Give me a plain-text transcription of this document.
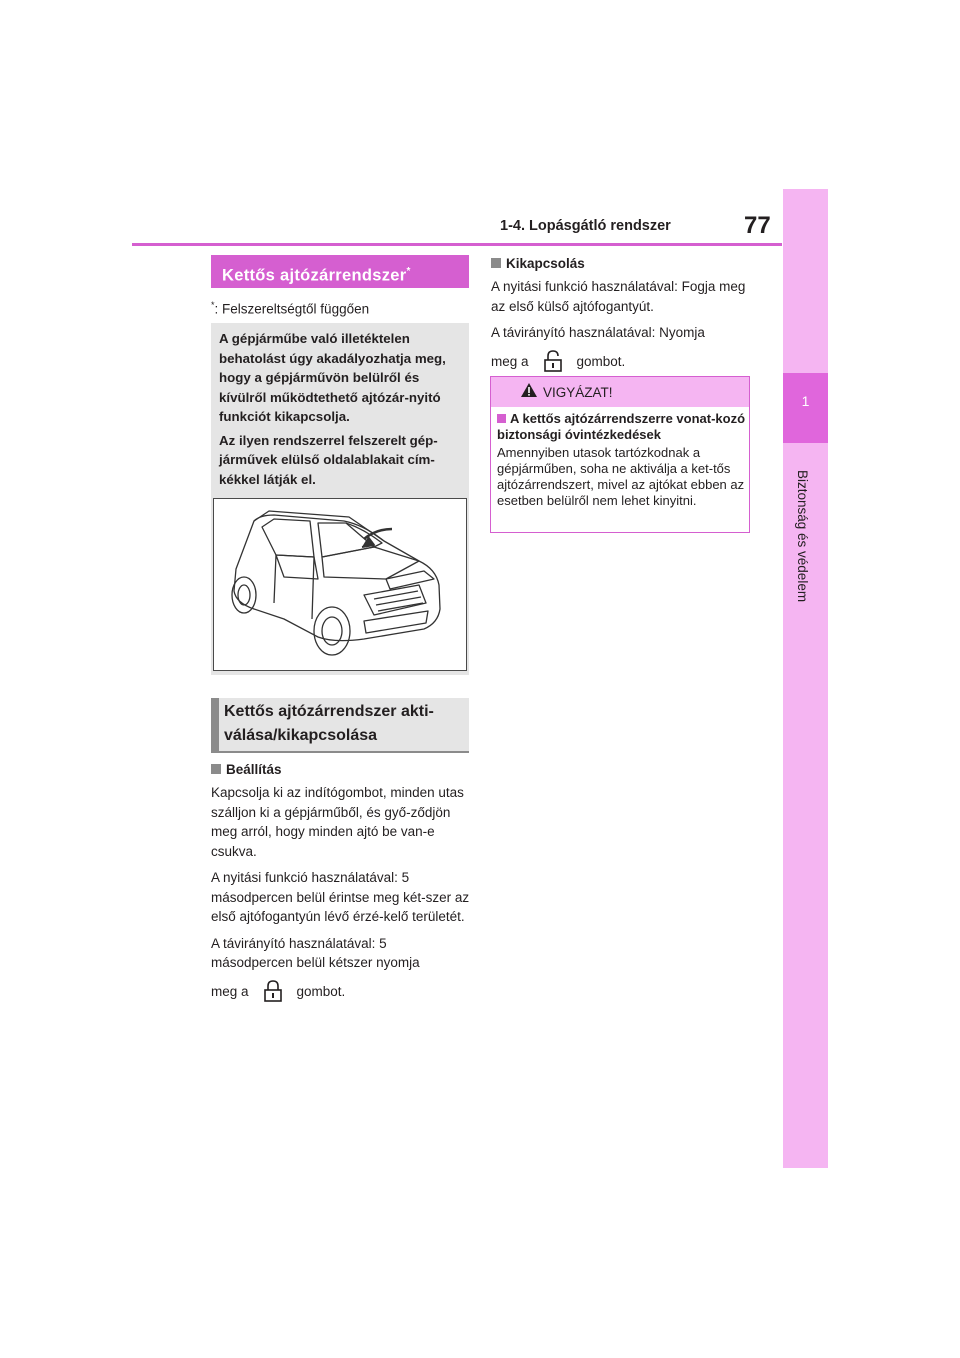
1-4. Lopásgátló rendszer	77
1
Biztonság és védelem
Kettős ajtózárrendszer*
*: Felszereltségtől függően

A gépjárműbe való illetéktelen behatolást úgy akadályozhatja meg, hogy a gépjárművön belülről és kívülről működtethető ajtózár-nyitó funkciót kikapcsolja.

Az ilyen rendszerrel felszerelt gép-járművek elülső oldalablakait cím-kékkel látják el.

Kettős ajtózárrendszer akti-válása/kikapcsolása
Beállítás

Kapcsolja ki az indítógombot, minden utas szálljon ki a gépjárműből, és győ-ződjön meg arról, hogy minden ajtó be van-e csukva.

A nyitási funkció használatával: 5 másodpercen belül érintse meg két-szer az első ajtófogantyún lévő érzé-kelő területét.

A távirányító használatával: 5 másodpercen belül kétszer nyomja

meg a	gombot.

Kikapcsolás

A nyitási funkció használatával: Fogja meg az első külső ajtófogantyút.

A távirányító használatával: Nyomja

meg a	gombot.

VIGYÁZAT!
A kettős ajtózárrendszerre vonat-kozó biztonsági óvintézkedések
Amennyiben utasok tartózkodnak a gépjárműben, soha ne aktiválja a ket-tős ajtózárrendszert, mivel az ajtókat ebben az esetben belülről nem lehet kinyitni.
